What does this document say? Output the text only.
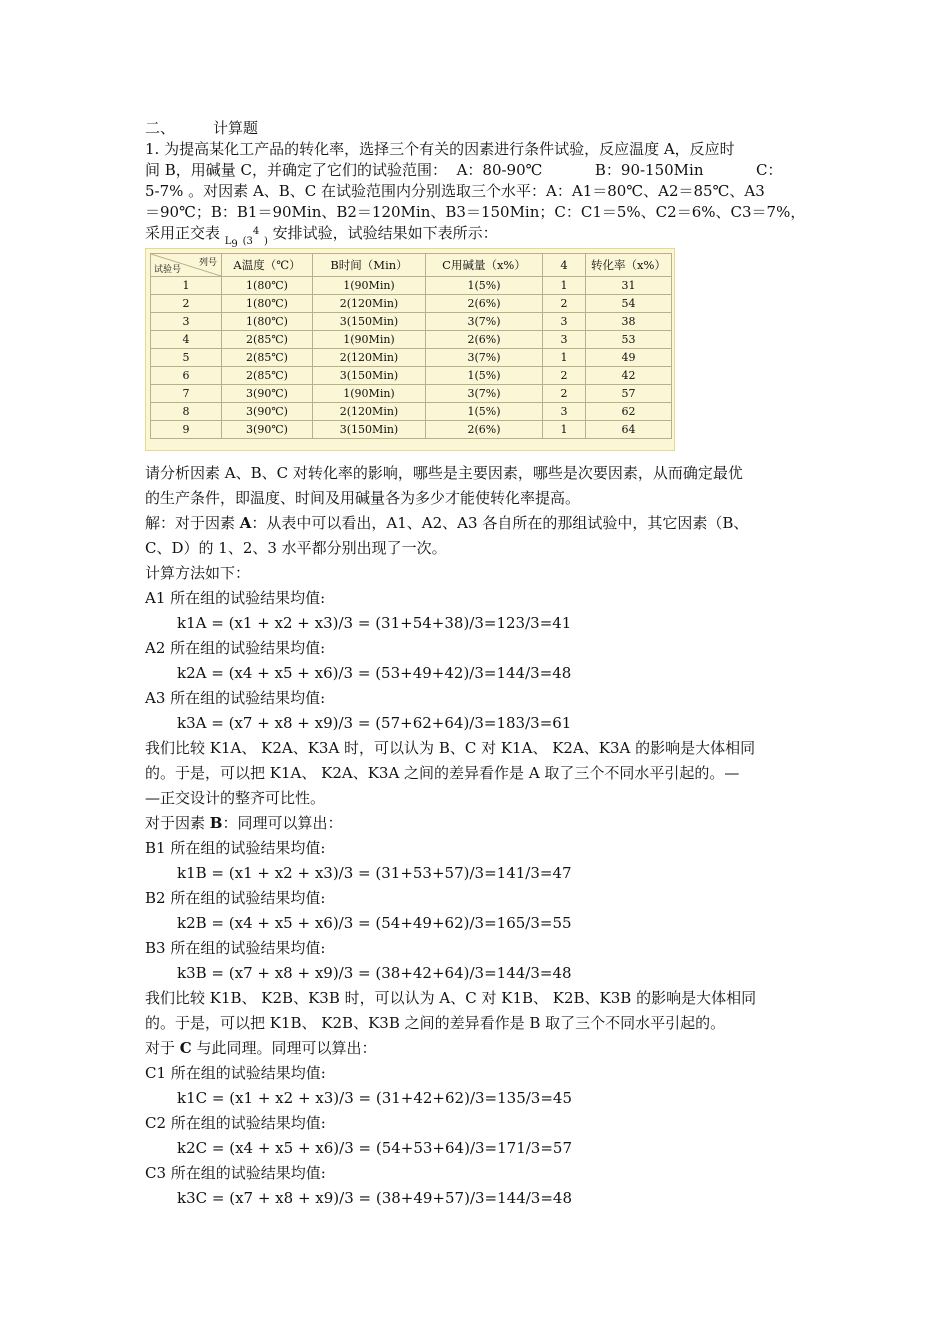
二、	计算题
1. 为提高某化工产品的转化率，选择三个有关的因素进行条件试验，反应温度 A，反应时
间 B，用碱量 C，并确定了它们的试验范围：  A：80-90℃           B：90-150Min           C：
5-7% 。对因素 A、B、C 在试验范围内分别选取三个水平：A：A1＝80℃、A2＝85℃、A3
＝90℃；B：B1＝90Min、B2＝120Min、B3＝150Min；C：C1＝5%、C2＝6%、C3＝7%，
采用正交表 $_{L9}$ $_{(3}^4$ $_)$ 安排试验，试验结果如下表所示：
列号
试验号	A温度（℃）	B时间（Min）	C用碱量（x%）	4	转化率（x%）
1	1(80℃)	1(90Min)	1(5%)	1	31
2	1(80℃)	2(120Min)	2(6%)	2	54
3	1(80℃)	3(150Min)	3(7%)	3	38
4	2(85℃)	1(90Min)	2(6%)	3	53
5	2(85℃)	2(120Min)	3(7%)	1	49
6	2(85℃)	3(150Min)	1(5%)	2	42
7	3(90℃)	1(90Min)	3(7%)	2	57
8	3(90℃)	2(120Min)	1(5%)	3	62
9	3(90℃)	3(150Min)	2(6%)	1	64
请分析因素 A、B、C 对转化率的影响，哪些是主要因素，哪些是次要因素，从而确定最优
的生产条件，即温度、时间及用碱量各为多少才能使转化率提高。
解：对于因素 A：从表中可以看出，A1、A2、A3 各自所在的那组试验中，其它因素（B、
C、D）的 1、2、3 水平都分别出现了一次。
计算方法如下：
A1 所在组的试验结果均值:
k1A = (x1 + x2 + x3)/3 = (31+54+38)/3=123/3=41
A2 所在组的试验结果均值:
k2A = (x4 + x5 + x6)/3 = (53+49+42)/3=144/3=48
A3 所在组的试验结果均值:
k3A = (x7 + x8 + x9)/3 = (57+62+64)/3=183/3=61
我们比较 K1A、 K2A、K3A 时，可以认为 B、C 对 K1A、 K2A、K3A 的影响是大体相同
的。于是，可以把 K1A、 K2A、K3A 之间的差异看作是 A 取了三个不同水平引起的。—
—正交设计的整齐可比性。
对于因素 B：同理可以算出：
B1 所在组的试验结果均值:
k1B = (x1 + x2 + x3)/3 = (31+53+57)/3=141/3=47
B2 所在组的试验结果均值:
k2B = (x4 + x5 + x6)/3 = (54+49+62)/3=165/3=55
B3 所在组的试验结果均值:
k3B = (x7 + x8 + x9)/3 = (38+42+64)/3=144/3=48
我们比较 K1B、 K2B、K3B 时，可以认为 A、C 对 K1B、 K2B、K3B 的影响是大体相同
的。于是，可以把 K1B、 K2B、K3B 之间的差异看作是 B 取了三个不同水平引起的。
对于 C 与此同理。同理可以算出：
C1 所在组的试验结果均值:
k1C = (x1 + x2 + x3)/3 = (31+42+62)/3=135/3=45
C2 所在组的试验结果均值:
k2C = (x4 + x5 + x6)/3 = (54+53+64)/3=171/3=57
C3 所在组的试验结果均值:
k3C = (x7 + x8 + x9)/3 = (38+49+57)/3=144/3=48
